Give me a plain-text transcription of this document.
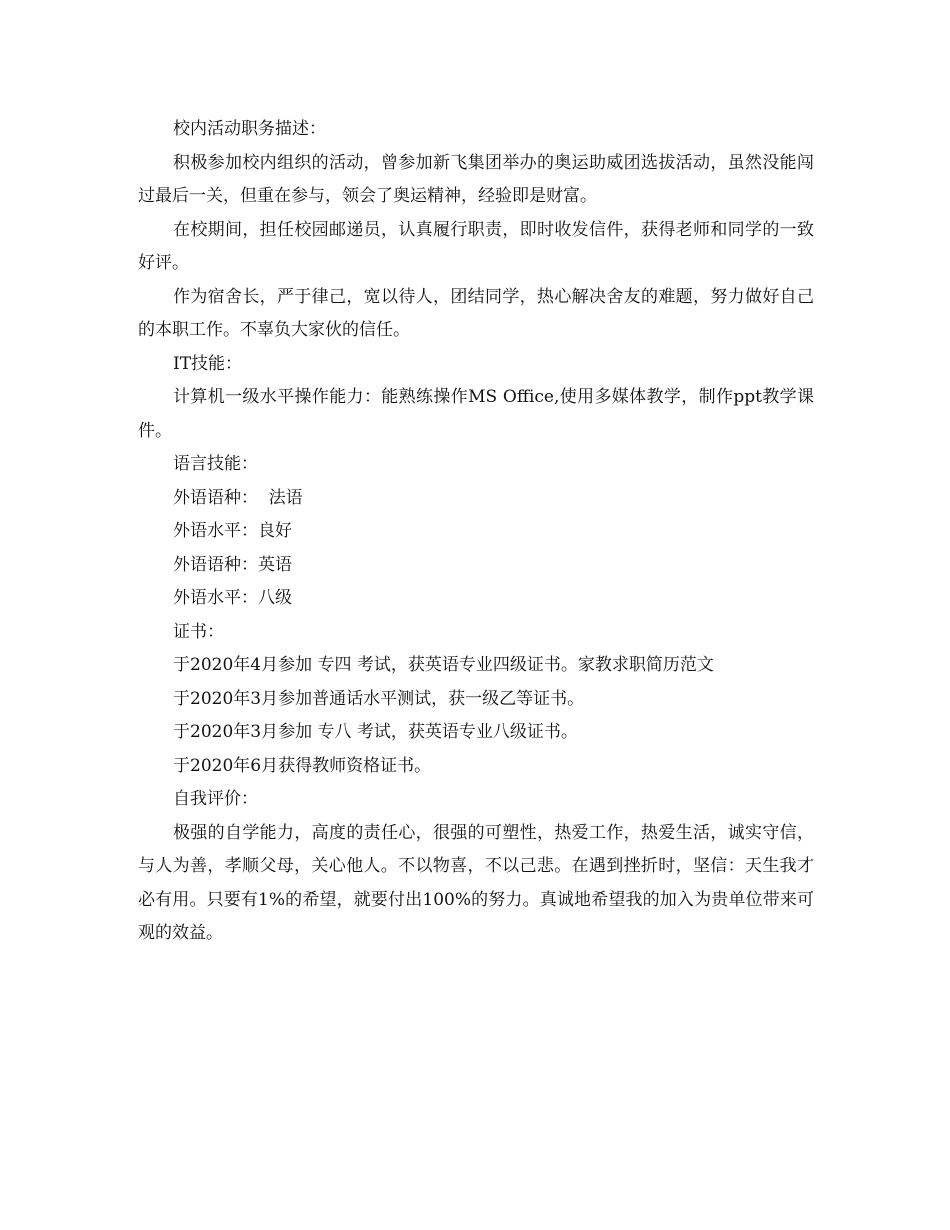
校内活动职务描述：

积极参加校内组织的活动，曾参加新飞集团举办的奥运助威团选拔活动，虽然没能闯过最后一关，但重在参与，领会了奥运精神，经验即是财富。

在校期间，担任校园邮递员，认真履行职责，即时收发信件，获得老师和同学的一致好评。

作为宿舍长，严于律己，宽以待人，团结同学，热心解决舍友的难题，努力做好自己的本职工作。不辜负大家伙的信任。

IT技能：

计算机一级水平操作能力：能熟练操作MS Office,使用多媒体教学，制作ppt教学课件。

语言技能：

外语语种：  法语

外语水平：良好

外语语种：英语

外语水平：八级

证书：

于2020年4月参加 专四 考试，获英语专业四级证书。家教求职简历范文

于2020年3月参加普通话水平测试，获一级乙等证书。

于2020年3月参加 专八 考试，获英语专业八级证书。

于2020年6月获得教师资格证书。

自我评价：

极强的自学能力，高度的责任心，很强的可塑性，热爱工作，热爱生活，诚实守信，与人为善，孝顺父母，关心他人。不以物喜，不以己悲。在遇到挫折时，坚信：天生我才必有用。只要有1%的希望，就要付出100%的努力。真诚地希望我的加入为贵单位带来可观的效益。
